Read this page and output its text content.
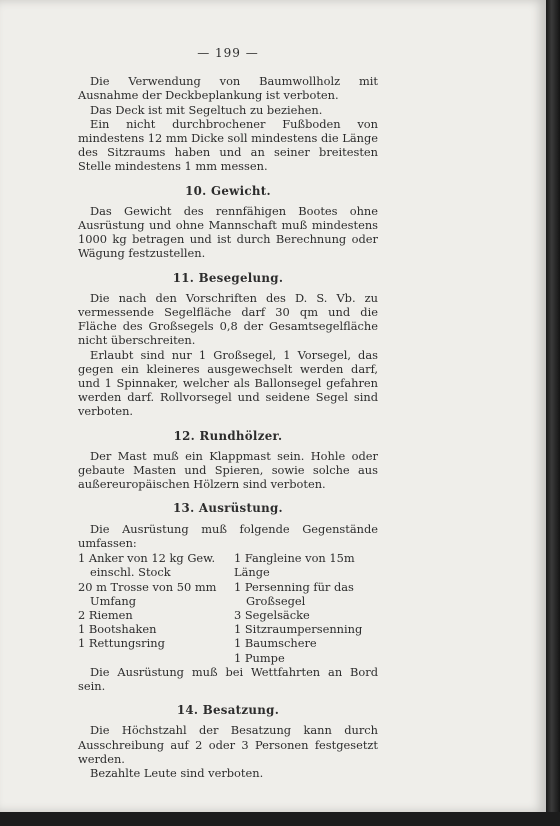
— 199 —

Die Verwendung von Baumwollholz mit Ausnahme der Deckbeplankung ist verboten.

Das Deck ist mit Segeltuch zu beziehen.

Ein nicht durchbrochener Fußboden von mindestens 12 mm Dicke soll mindestens die Länge des Sitzraums haben und an seiner breitesten Stelle mindestens 1 mm messen.

10. Gewicht.

Das Gewicht des rennfähigen Bootes ohne Ausrüstung und ohne Mannschaft muß mindestens 1000 kg betragen und ist durch Berechnung oder Wägung festzustellen.

11. Besegelung.

Die nach den Vorschriften des D. S. Vb. zu vermessende Segelfläche darf 30 qm und die Fläche des Großsegels 0,8 der Gesamtsegelfläche nicht überschreiten.

Erlaubt sind nur 1 Großsegel, 1 Vorsegel, das gegen ein kleineres ausgewechselt werden darf, und 1 Spinnaker, welcher als Ballonsegel gefahren werden darf. Rollvorsegel und seidene Segel sind verboten.

12. Rundhölzer.

Der Mast muß ein Klappmast sein. Hohle oder gebaute Masten und Spieren, sowie solche aus außereuropäischen Hölzern sind verboten.

13. Ausrüstung.

Die Ausrüstung muß folgende Gegenstände umfassen:

1 Anker von 12 kg Gew.
einschl. Stock
20 m Trosse von 50 mm
Umfang
2 Riemen
1 Bootshaken
1 Rettungsring
1 Fangleine von 15m Länge
1 Persenning für das
Großsegel
3 Segelsäcke
1 Sitzraumpersenning
1 Baumschere
1 Pumpe

Die Ausrüstung muß bei Wettfahrten an Bord sein.

14. Besatzung.

Die Höchstzahl der Besatzung kann durch Ausschreibung auf 2 oder 3 Personen festgesetzt werden.

Bezahlte Leute sind verboten.
